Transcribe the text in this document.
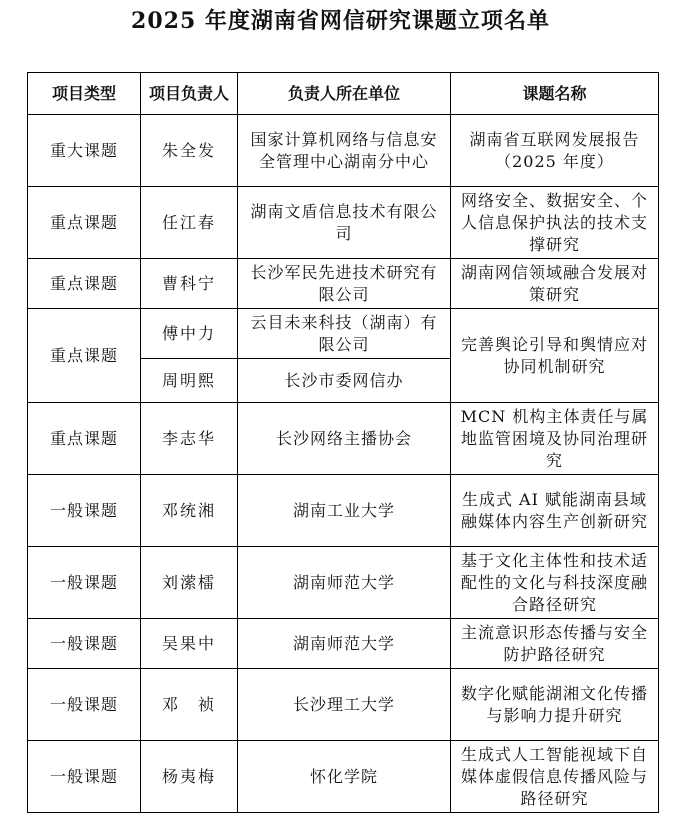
2025 年度湖南省网信研究课题立项名单
项目类型	项目负责人	负责人所在单位	课题名称
重大课题	朱全发	国家计算机网络与信息安全管理中心湖南分中心	湖南省互联网发展报告（2025 年度）
重点课题	任江春	湖南文盾信息技术有限公司	网络安全、数据安全、个人信息保护执法的技术支撑研究
重点课题	曹科宁	长沙军民先进技术研究有限公司	湖南网信领域融合发展对策研究
重点课题	傅中力	云目未来科技（湖南）有限公司	完善舆论引导和舆情应对协同机制研究
	周明熙	长沙市委网信办	
重点课题	李志华	长沙网络主播协会	MCN 机构主体责任与属地监管困境及协同治理研究
一般课题	邓统湘	湖南工业大学	生成式 AI 赋能湖南县域融媒体内容生产创新研究
一般课题	刘潆檑	湖南师范大学	基于文化主体性和技术适配性的文化与科技深度融合路径研究
一般课题	吴果中	湖南师范大学	主流意识形态传播与安全防护路径研究
一般课题	邓　祯	长沙理工大学	数字化赋能湖湘文化传播与影响力提升研究
一般课题	杨夷梅	怀化学院	生成式人工智能视域下自媒体虚假信息传播风险与路径研究
